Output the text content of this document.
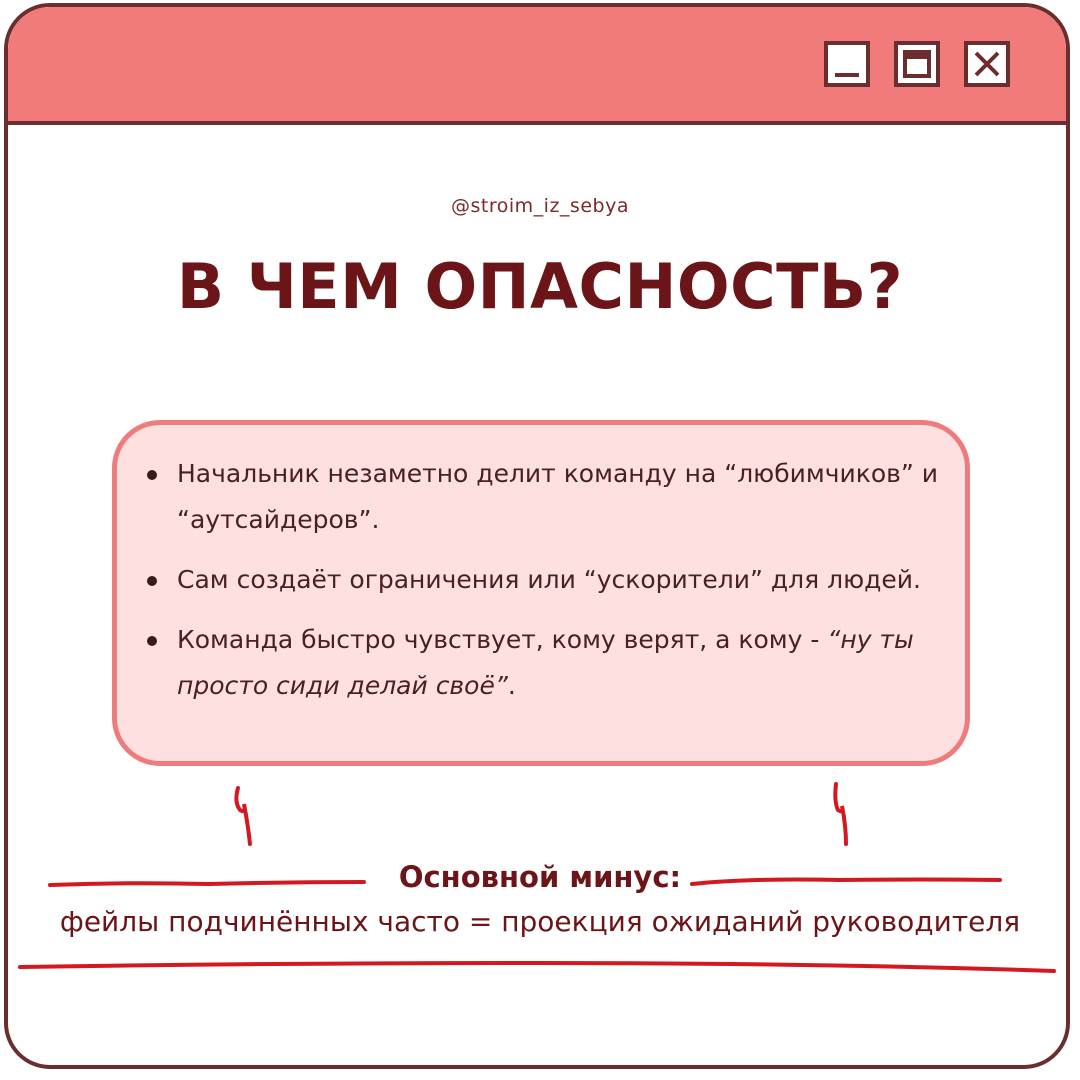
@stroim_iz_sebya
В ЧЕМ ОПАСНОСТЬ?
Начальник незаметно делит команду на “любимчиков” и “аутсайдеров”.
Сам создаёт ограничения или “ускорители” для людей.
Команда быстро чувствует, кому верят, а кому - “ну ты просто сиди делай своё”.
Основной минус:
фейлы подчинённых часто = проекция ожиданий руководителя
